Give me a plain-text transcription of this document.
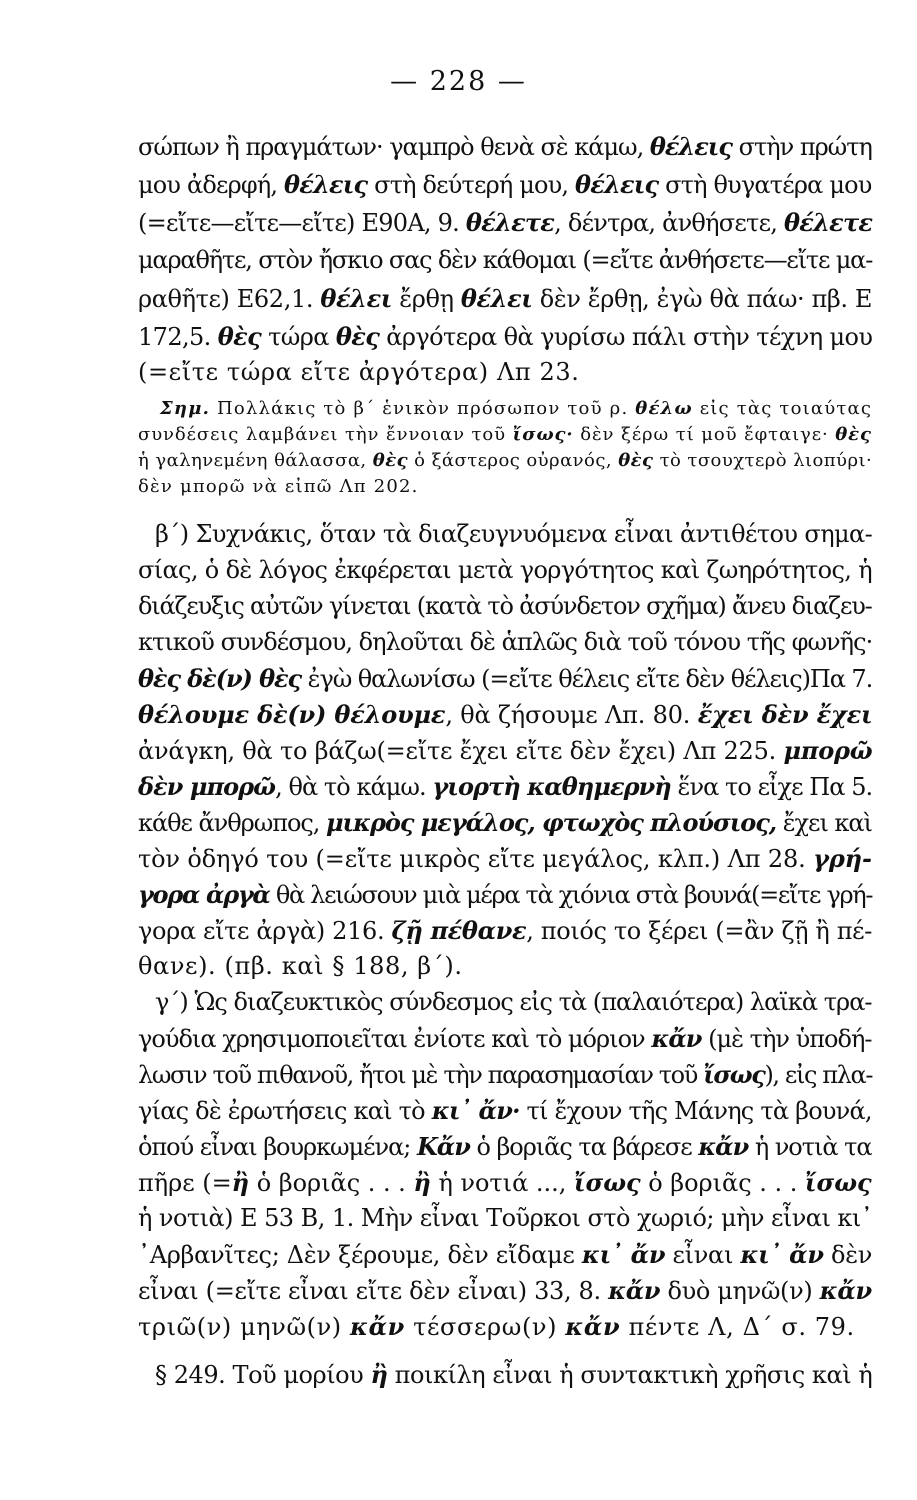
— 228 —
σώπων ἢ πραγμάτων· γαμπρὸ θενὰ σὲ κάμω, θέλεις στὴν πρώτη
μου ἀδερφή, θέλεις στὴ δεύτερή μου, θέλεις στὴ θυγατέρα μου
(=εἴτε—εἴτε—εἴτε) Ε90Α, 9. θέλετε, δέντρα, ἀνθήσετε, θέλετε
μαραθῆτε, στὸν ἤσκιο σας δὲν κάθομαι (=εἴτε ἀνθήσετε—εἴτε μα-
ραθῆτε) Ε62,1. θέλει ἔρθῃ θέλει δὲν ἔρθῃ, ἐγὼ θὰ πάω· πβ. Ε
172,5. θὲς τώρα θὲς ἀργότερα θὰ γυρίσω πάλι στὴν τέχνη μου
(=εἴτε τώρα εἴτε ἀργότερα) Λπ 23.
Σημ. Πολλάκις τὸ β΄ ἑνικὸν πρόσωπον τοῦ ρ. θέλω εἰς τὰς τοιαύτας
συνδέσεις λαμβάνει τὴν ἔννοιαν τοῦ ἴσως· δὲν ξέρω τί μοῦ ἔφταιγε· θὲς
ἡ γαληνεμένη θάλασσα, θὲς ὁ ξάστερος οὐρανός, θὲς τὸ τσουχτερὸ λιοπύρι·
δὲν μπορῶ νὰ εἰπῶ Λπ 202.
β΄) Συχνάκις, ὅταν τὰ διαζευγνυόμενα εἶναι ἀντιθέτου σημα-
σίας, ὁ δὲ λόγος ἐκφέρεται μετὰ γοργότητος καὶ ζωηρότητος, ἡ
διάζευξις αὐτῶν γίνεται (κατὰ τὸ ἀσύνδετον σχῆμα) ἄνευ διαζευ-
κτικοῦ συνδέσμου, δηλοῦται δὲ ἁπλῶς διὰ τοῦ τόνου τῆς φωνῆς·
θὲς δὲ(ν) θὲς ἐγὼ θαλωνίσω (=εἴτε θέλεις εἴτε δὲν θέλεις)Πα 7.
θέλουμε δὲ(ν) θέλουμε, θὰ ζήσουμε Λπ. 80. ἔχει δὲν ἔχει
ἀνάγκη, θὰ το βάζω(=εἴτε ἔχει εἴτε δὲν ἔχει) Λπ 225. μπορῶ
δὲν μπορῶ, θὰ τὸ κάμω. γιορτὴ καθημερνὴ ἕνα το εἶχε Πα 5.
κάθε ἄνθρωπος, μικρὸς μεγάλος, φτωχὸς πλούσιος, ἔχει καὶ
τὸν ὁδηγό του (=εἴτε μικρὸς εἴτε μεγάλος, κλπ.) Λπ 28. γρή-
γορα ἀργὰ θὰ λειώσουν μιὰ μέρα τὰ χιόνια στὰ βουνά(=εἴτε γρή-
γορα εἴτε ἀργὰ) 216. ζῇ πέθανε, ποιός το ξέρει (=ἂν ζῇ ἢ πέ-
θανε). (πβ. καὶ § 188, β΄).
γ΄) Ὡς διαζευκτικὸς σύνδεσμος εἰς τὰ (παλαιότερα) λαϊκὰ τρα-
γούδια χρησιμοποιεῖται ἐνίοτε καὶ τὸ μόριον κἄν (μὲ τὴν ὑποδή-
λωσιν τοῦ πιθανοῦ, ἤτοι μὲ τὴν παρασημασίαν τοῦ ἴσως), εἰς πλα-
γίας δὲ ἐρωτήσεις καὶ τὸ κι᾿ ἄν· τί ἔχουν τῆς Μάνης τὰ βουνά,
ὁπού εἶναι βουρκωμένα; Κἄν ὁ βοριᾶς τα βάρεσε κἄν ἡ νοτιὰ τα
πῆρε (=ἢ ὁ βοριᾶς . . . ἢ ἡ νοτιά ..., ἴσως ὁ βοριᾶς . . . ἴσως
ἡ νοτιὰ) Ε 53 Β, 1. Μὴν εἶναι Τοῦρκοι στὸ χωριό; μὴν εἶναι κι᾿
᾿Αρβανῖτες; Δὲν ξέρουμε, δὲν εἴδαμε κι᾿ ἄν εἶναι κι᾿ ἄν δὲν
εἶναι (=εἴτε εἶναι εἴτε δὲν εἶναι) 33, 8. κἄν δυὸ μηνῶ(ν) κἄν
τριῶ(ν) μηνῶ(ν) κἄν τέσσερω(ν) κἄν πέντε Λ, Δ΄ σ. 79.
§ 249. Τοῦ μορίου ἢ ποικίλη εἶναι ἡ συντακτικὴ χρῆσις καὶ ἡ
